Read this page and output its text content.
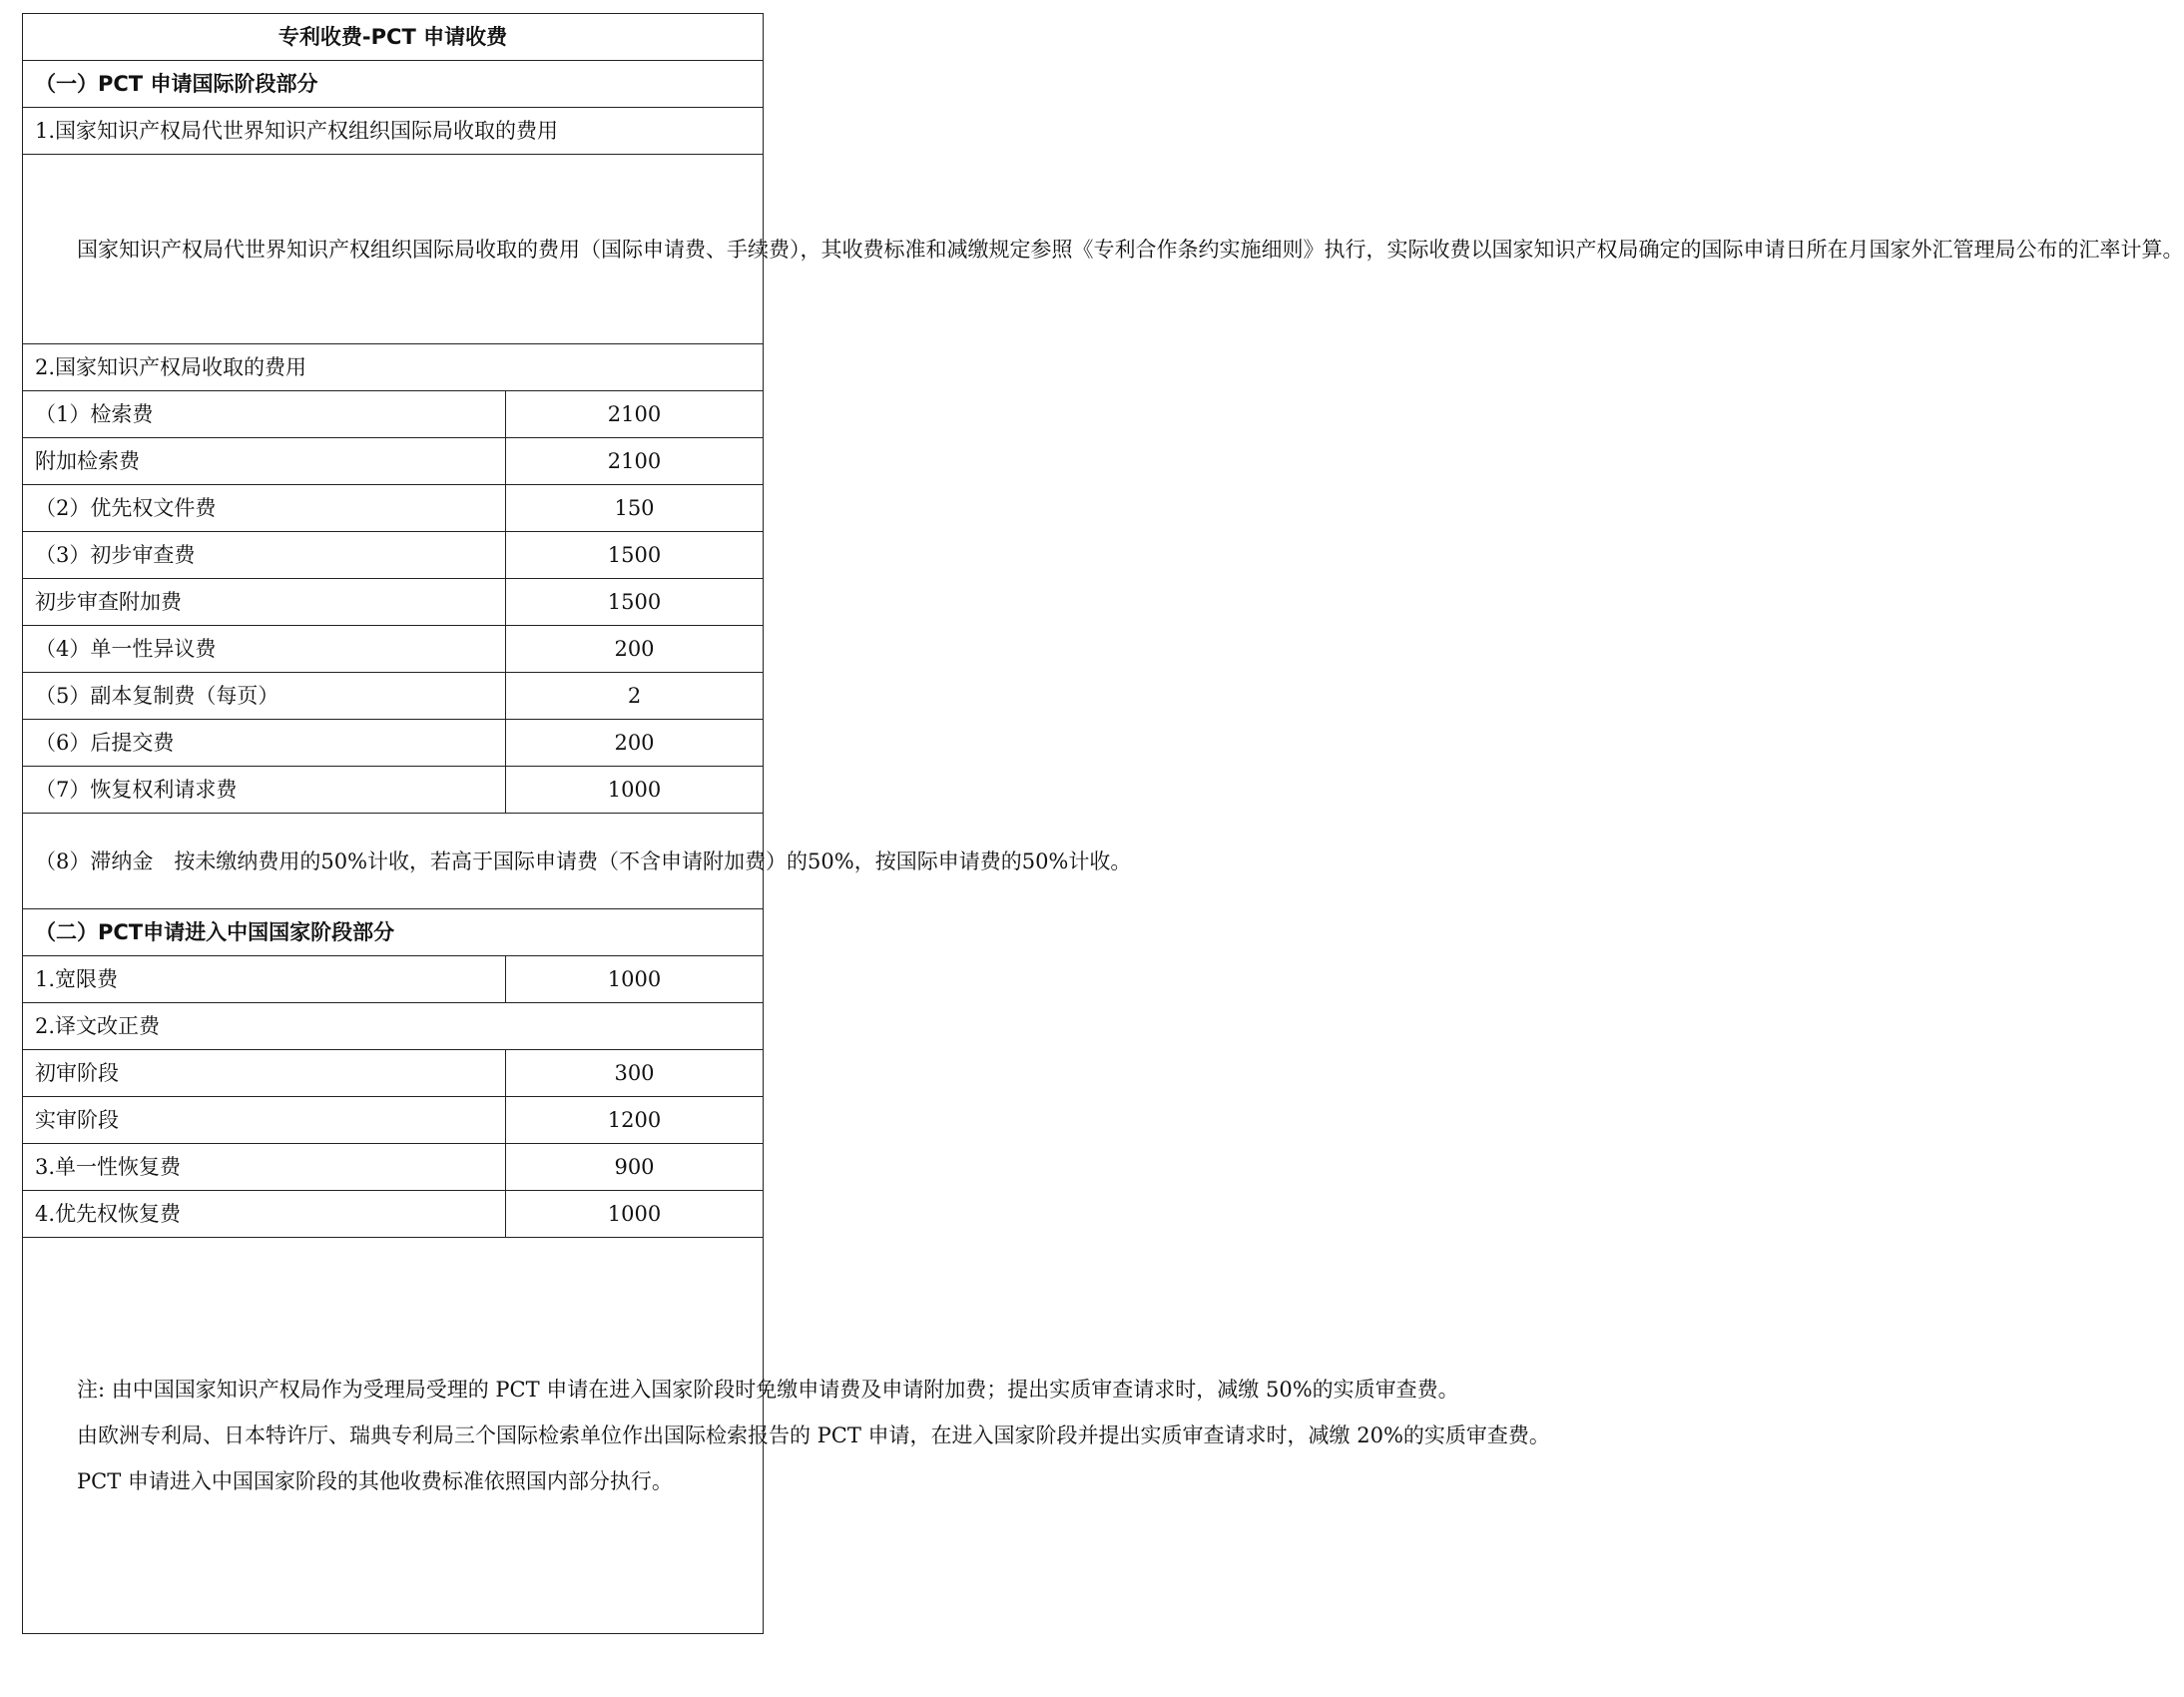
专利收费-PCT 申请收费	
（一）PCT 申请国际阶段部分	
1.国家知识产权局代世界知识产权组织国际局收取的费用	
国家知识产权局代世界知识产权组织国际局收取的费用（国际申请费、手续费），其收费标准和减缴规定参照《专利合作条约实施细则》执行，实际收费以国家知识产权局确定的国际申请日所在月国家外汇管理局公布的汇率计算。	
2.国家知识产权局收取的费用	
（1）检索费	2100
附加检索费	2100
（2）优先权文件费	150
（3）初步审查费	1500
初步审查附加费	1500
（4）单一性异议费	200
（5）副本复制费（每页）	2
（6）后提交费	200
（7）恢复权利请求费	1000
（8）滞纳金　按未缴纳费用的50%计收，若高于国际申请费（不含申请附加费）的50%，按国际申请费的50%计收。	
（二）PCT申请进入中国国家阶段部分	
1.宽限费	1000
2.译文改正费	
初审阶段	300
实审阶段	1200
3.单一性恢复费	900
4.优先权恢复费	1000

注: 由中国国家知识产权局作为受理局受理的 PCT 申请在进入国家阶段时免缴申请费及申请附加费；提出实质审查请求时，减缴 50%的实质审查费。

由欧洲专利局、日本特许厅、瑞典专利局三个国际检索单位作出国际检索报告的 PCT 申请，在进入国家阶段并提出实质审查请求时，减缴 20%的实质审查费。

PCT 申请进入中国国家阶段的其他收费标准依照国内部分执行。	
